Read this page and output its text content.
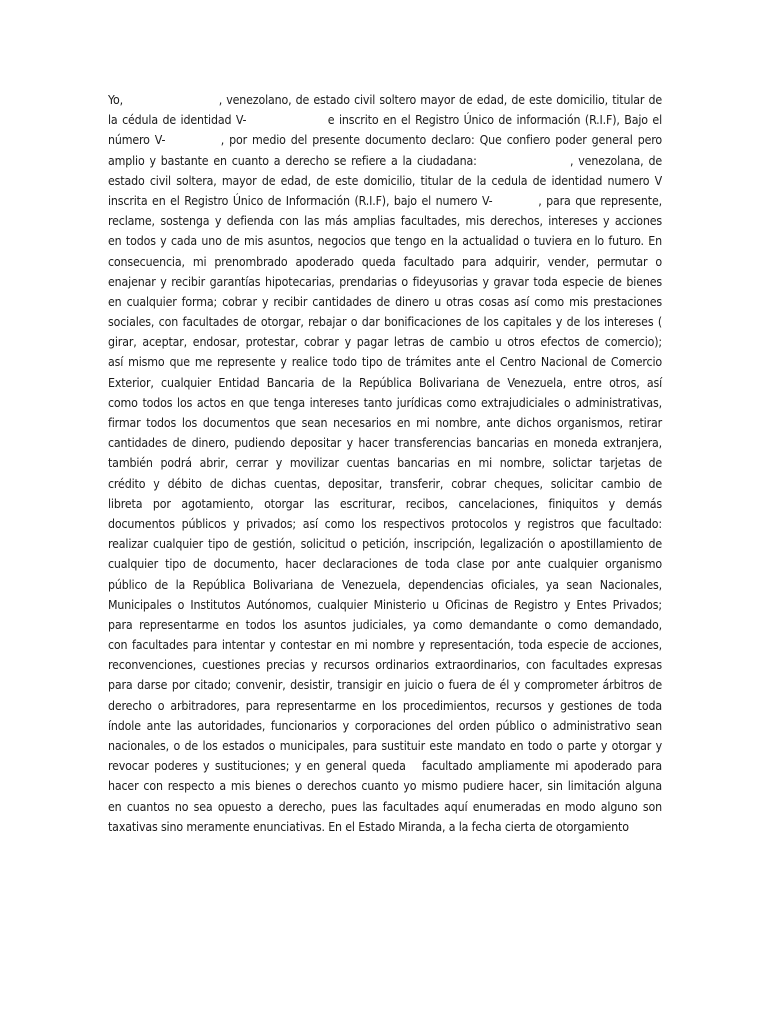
Yo,                       , venezolano, de estado civil soltero mayor de edad, de este domicilio, titular de
la cédula de identidad V-                  e inscrito en el Registro Único de información (R.I.F), Bajo el
número V-           , por medio del presente documento declaro: Que confiero poder general pero
amplio y bastante en cuanto a derecho se refiere a la ciudadana:                   , venezolana, de
estado civil soltera, mayor de edad, de este domicilio, titular de la cedula de identidad numero V
inscrita en el Registro Único de Información (R.I.F), bajo el numero V-          , para que represente,
reclame, sostenga y defienda con las más amplias facultades, mis derechos, intereses y acciones
en todos y cada uno de mis asuntos, negocios que tengo en la actualidad o tuviera en lo futuro. En
consecuencia, mi prenombrado apoderado queda facultado para adquirir, vender, permutar o
enajenar y recibir garantías hipotecarias, prendarias o fideyusorias y gravar toda especie de bienes
en cualquier forma; cobrar y recibir cantidades de dinero u otras cosas así como mis prestaciones
sociales, con facultades de otorgar, rebajar o dar bonificaciones de los capitales y de los intereses (
girar, aceptar, endosar, protestar, cobrar y pagar letras de cambio u otros efectos de comercio);
así mismo que me represente y realice todo tipo de trámites ante el Centro Nacional de Comercio
Exterior, cualquier Entidad Bancaria de la República Bolivariana de Venezuela, entre otros, así
como todos los actos en que tenga intereses tanto jurídicas como extrajudiciales o administrativas,
firmar todos los documentos que sean necesarios en mi nombre, ante dichos organismos, retirar
cantidades de dinero, pudiendo depositar y hacer transferencias bancarias en moneda extranjera,
también podrá abrir, cerrar y movilizar cuentas bancarias en mi nombre, solictar tarjetas de
crédito y débito de dichas cuentas, depositar, transferir, cobrar cheques, solicitar cambio de
libreta por agotamiento, otorgar las escriturar, recibos, cancelaciones, finiquitos y demás
documentos públicos y privados; así como los respectivos protocolos y registros que facultado:
realizar cualquier tipo de gestión, solicitud o petición, inscripción, legalización o apostillamiento de
cualquier tipo de documento, hacer declaraciones de toda clase por ante cualquier organismo
público de la República Bolivariana de Venezuela, dependencias oficiales, ya sean Nacionales,
Municipales o Institutos Autónomos, cualquier Ministerio u Oficinas de Registro y Entes Privados;
para representarme en todos los asuntos judiciales, ya como demandante o como demandado,
con facultades para intentar y contestar en mi nombre y representación, toda especie de acciones,
reconvenciones, cuestiones precias y recursos ordinarios extraordinarios, con facultades expresas
para darse por citado; convenir, desistir, transigir en juicio o fuera de él y comprometer árbitros de
derecho o arbitradores, para representarme en los procedimientos, recursos y gestiones de toda
índole ante las autoridades, funcionarios y corporaciones del orden público o administrativo sean
nacionales, o de los estados o municipales, para sustituir este mandato en todo o parte y otorgar y
revocar poderes y sustituciones; y en general queda   facultado ampliamente mi apoderado para
hacer con respecto a mis bienes o derechos cuanto yo mismo pudiere hacer, sin limitación alguna
en cuantos no sea opuesto a derecho, pues las facultades aquí enumeradas en modo alguno son
taxativas sino meramente enunciativas. En el Estado Miranda, a la fecha cierta de otorgamiento
